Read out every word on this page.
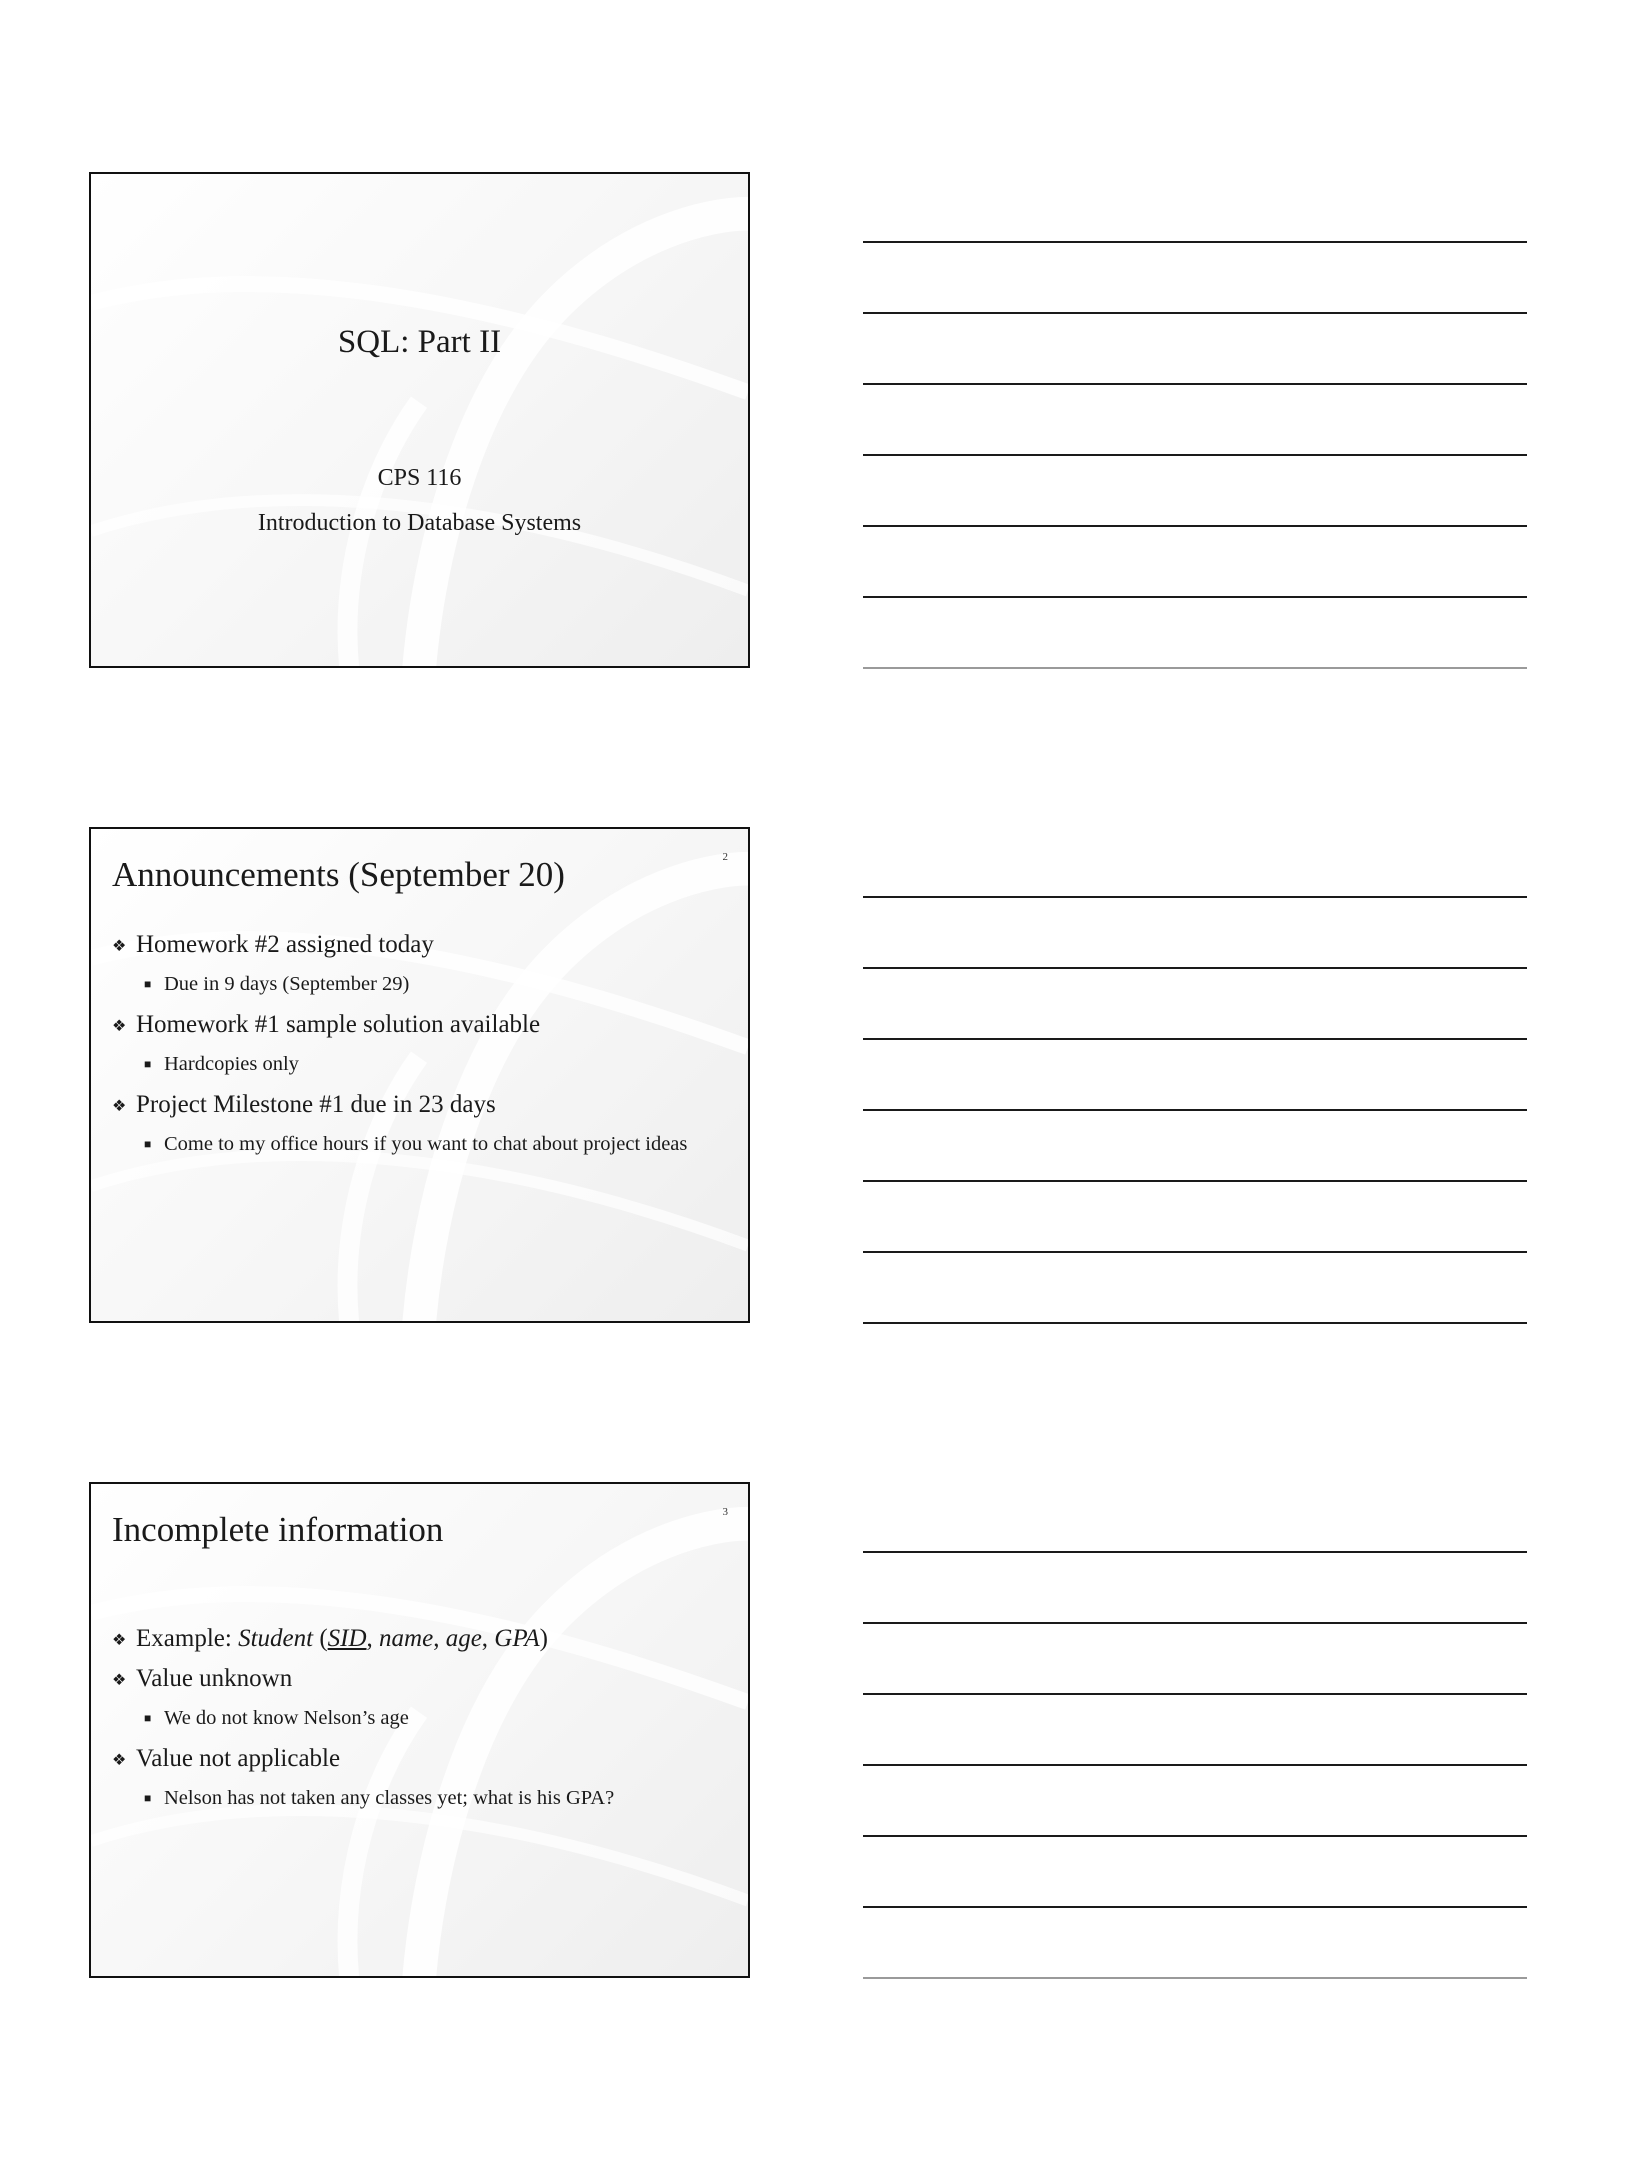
SQL: Part II
CPS 116
Introduction to Database Systems
2
Announcements (September 20)
❖ Homework #2 assigned today
■ Due in 9 days (September 29)
❖ Homework #1 sample solution available
■ Hardcopies only
❖ Project Milestone #1 due in 23 days
■ Come to my office hours if you want to chat about project ideas
3
Incomplete information
❖ Example: Student (SID, name, age, GPA)
❖ Value unknown
■ We do not know Nelson’s age
❖ Value not applicable
■ Nelson has not taken any classes yet; what is his GPA?
